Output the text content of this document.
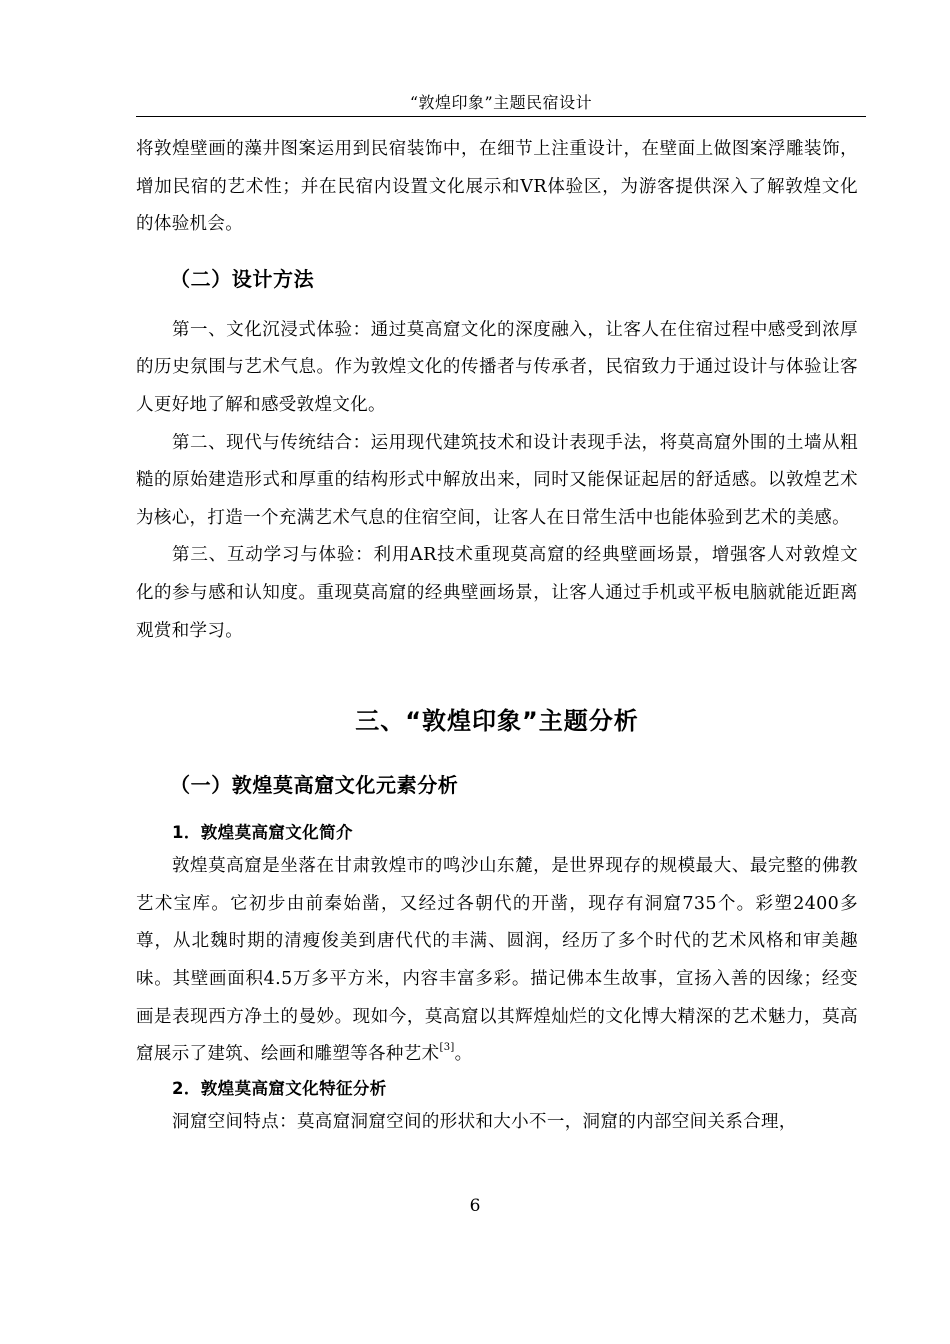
“敦煌印象”主题民宿设计

将敦煌壁画的藻井图案运用到民宿装饰中，在细节上注重设计，在壁面上做图案浮雕装饰，增加民宿的艺术性；并在民宿内设置文化展示和VR体验区，为游客提供深入了解敦煌文化的体验机会。

（二）设计方法

第一、文化沉浸式体验：通过莫高窟文化的深度融入，让客人在住宿过程中感受到浓厚的历史氛围与艺术气息。作为敦煌文化的传播者与传承者，民宿致力于通过设计与体验让客人更好地了解和感受敦煌文化。

第二、现代与传统结合：运用现代建筑技术和设计表现手法，将莫高窟外围的土墙从粗糙的原始建造形式和厚重的结构形式中解放出来，同时又能保证起居的舒适感。以敦煌艺术为核心，打造一个充满艺术气息的住宿空间，让客人在日常生活中也能体验到艺术的美感。

第三、互动学习与体验：利用AR技术重现莫高窟的经典壁画场景，增强客人对敦煌文化的参与感和认知度。重现莫高窟的经典壁画场景，让客人通过手机或平板电脑就能近距离观赏和学习。

三、“敦煌印象”主题分析
（一）敦煌莫高窟文化元素分析
1．敦煌莫高窟文化简介

敦煌莫高窟是坐落在甘肃敦煌市的鸣沙山东麓，是世界现存的规模最大、最完整的佛教艺术宝库。它初步由前秦始凿，又经过各朝代的开凿，现存有洞窟735个。彩塑2400多尊，从北魏时期的清瘦俊美到唐代代的丰满、圆润，经历了多个时代的艺术风格和审美趣味。其壁画面积4.5万多平方米，内容丰富多彩。描记佛本生故事，宣扬入善的因缘；经变画是表现西方净土的曼妙。现如今，莫高窟以其辉煌灿烂的文化博大精深的艺术魅力，莫高窟展示了建筑、绘画和雕塑等各种艺术[3]。

2．敦煌莫高窟文化特征分析

洞窟空间特点：莫高窟洞窟空间的形状和大小不一，洞窟的内部空间关系合理，

6
